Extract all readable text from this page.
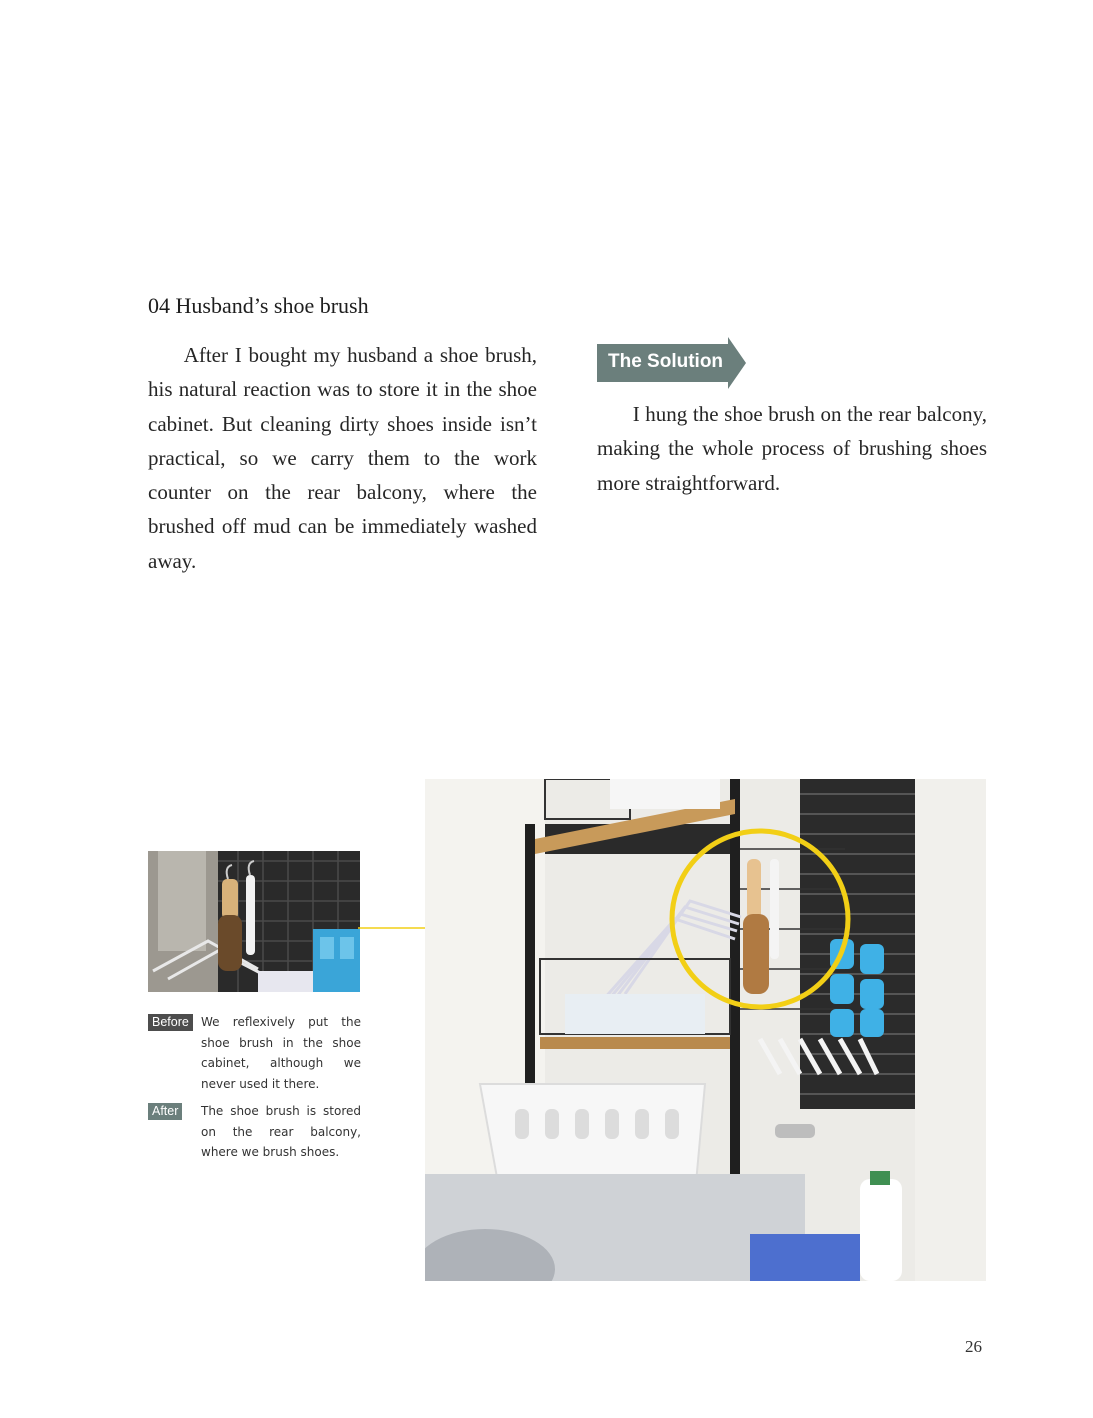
04 Husband’s shoe brush

After I bought my husband a shoe brush, his natural reaction was to store it in the shoe cabinet. But cleaning dirty shoes inside isn’t practical, so we carry them to the work counter on the rear balcony, where the brushed off mud can be immediately washed away.

The Solution

I hung the shoe brush on the rear balcony, making the whole process of brushing shoes more straightforward.

Before	We reflexively put the shoe brush in the shoe cabinet, although we never used it there.

After	The shoe brush is stored on the rear balcony, where we brush shoes.

26
